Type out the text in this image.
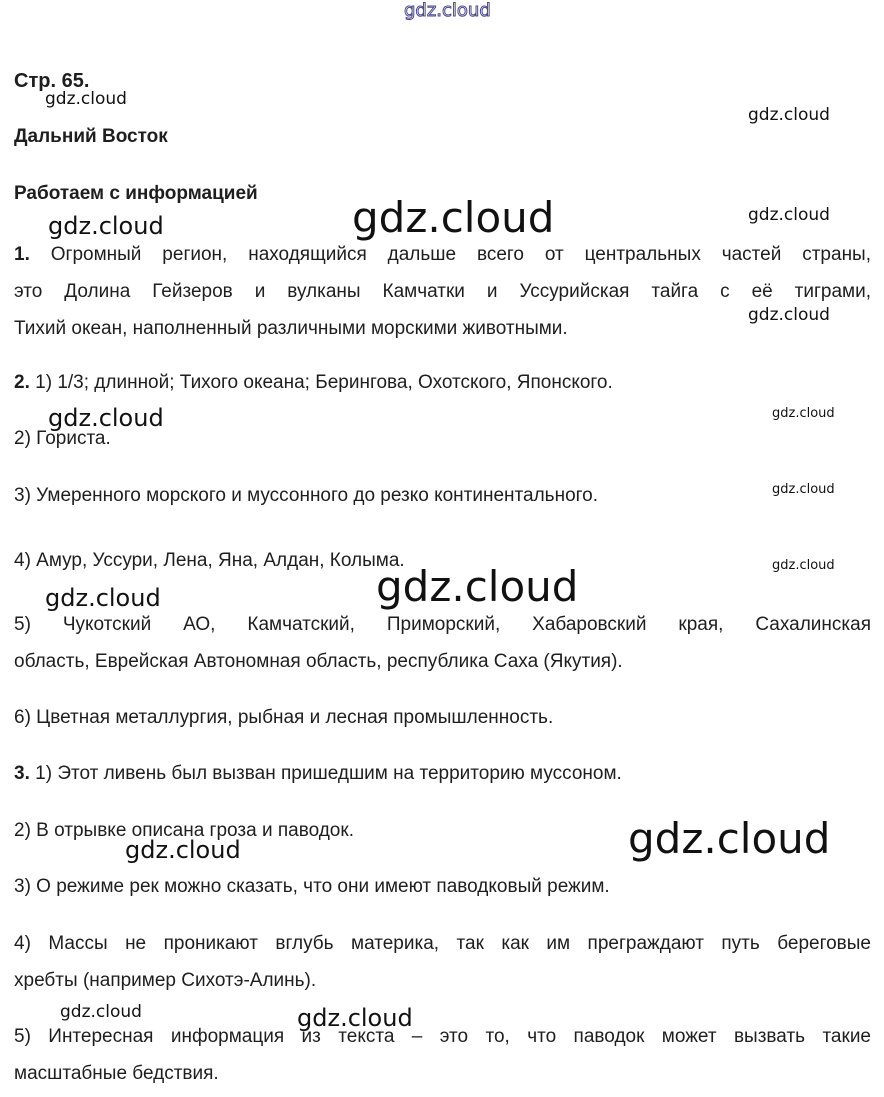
Стр. 65.
Дальний Восток
Работаем с информацией
1. Огромный регион, находящийся дальше всего от центральных частей страны,
это Долина Гейзеров и вулканы Камчатки и Уссурийская тайга с её тиграми,
Тихий океан, наполненный различными морскими животными.
2. 1) 1/3; длинной; Тихого океана; Берингова, Охотского, Японского.
2) Гориста.
3) Умеренного морского и муссонного до резко континентального.
4) Амур, Уссури, Лена, Яна, Алдан, Колыма.
5) Чукотский АО, Камчатский, Приморский, Хабаровский края, Сахалинская
область, Еврейская Автономная область, республика Саха (Якутия).
6) Цветная металлургия, рыбная и лесная промышленность.
3. 1) Этот ливень был вызван пришедшим на территорию муссоном.
2) В отрывке описана гроза и паводок.
3) О режиме рек можно сказать, что они имеют паводковый режим.
4) Массы не проникают вглубь материка, так как им преграждают путь береговые
хребты (например Сихотэ-Алинь).
5) Интересная информация из текста – это то, что паводок может вызвать такие
масштабные бедствия.
gdz.cloud
gdz.cloud
gdz.cloud
gdz.cloud	gdz.cloud	gdz.cloud
gdz.cloud
gdz.cloud	gdz.cloud
gdz.cloud
gdz.cloud
gdz.cloud
gdz.cloud
gdz.cloud
gdz.cloud
gdz.cloud	gdz.cloud
